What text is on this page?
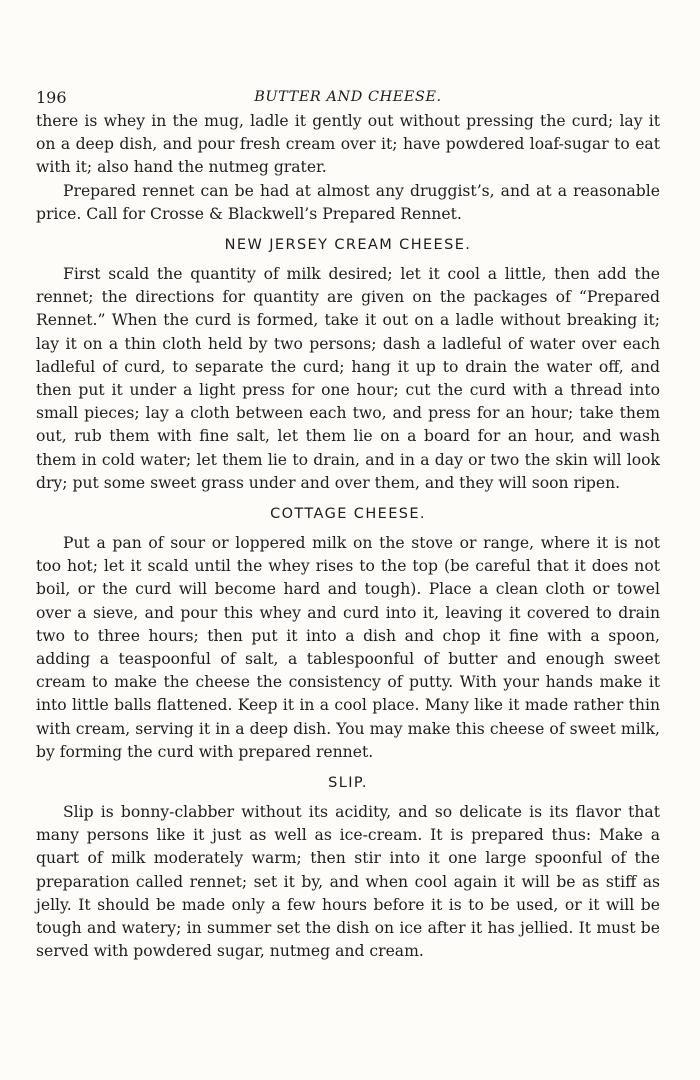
196	BUTTER AND CHEESE.

there is whey in the mug, ladle it gently out without pressing the curd; lay it on a deep dish, and pour fresh cream over it; have powdered loaf-sugar to eat with it; also hand the nutmeg grater.

Prepared rennet can be had at almost any druggist’s, and at a reasonable price. Call for Crosse & Blackwell’s Prepared Rennet.

NEW JERSEY CREAM CHEESE.

First scald the quantity of milk desired; let it cool a little, then add the rennet; the directions for quantity are given on the packages of “Prepared Rennet.” When the curd is formed, take it out on a ladle without breaking it; lay it on a thin cloth held by two persons; dash a ladleful of water over each ladleful of curd, to separate the curd; hang it up to drain the water off, and then put it under a light press for one hour; cut the curd with a thread into small pieces; lay a cloth between each two, and press for an hour; take them out, rub them with fine salt, let them lie on a board for an hour, and wash them in cold water; let them lie to drain, and in a day or two the skin will look dry; put some sweet grass under and over them, and they will soon ripen.

COTTAGE CHEESE.

Put a pan of sour or loppered milk on the stove or range, where it is not too hot; let it scald until the whey rises to the top (be careful that it does not boil, or the curd will become hard and tough). Place a clean cloth or towel over a sieve, and pour this whey and curd into it, leaving it covered to drain two to three hours; then put it into a dish and chop it fine with a spoon, adding a teaspoonful of salt, a tablespoonful of butter and enough sweet cream to make the cheese the consistency of putty. With your hands make it into little balls flattened. Keep it in a cool place. Many like it made rather thin with cream, serving it in a deep dish. You may make this cheese of sweet milk, by forming the curd with prepared rennet.

SLIP.

Slip is bonny-clabber without its acidity, and so delicate is its flavor that many persons like it just as well as ice-cream. It is prepared thus: Make a quart of milk moderately warm; then stir into it one large spoonful of the preparation called rennet; set it by, and when cool again it will be as stiff as jelly. It should be made only a few hours before it is to be used, or it will be tough and watery; in summer set the dish on ice after it has jellied. It must be served with powdered sugar, nutmeg and cream.
